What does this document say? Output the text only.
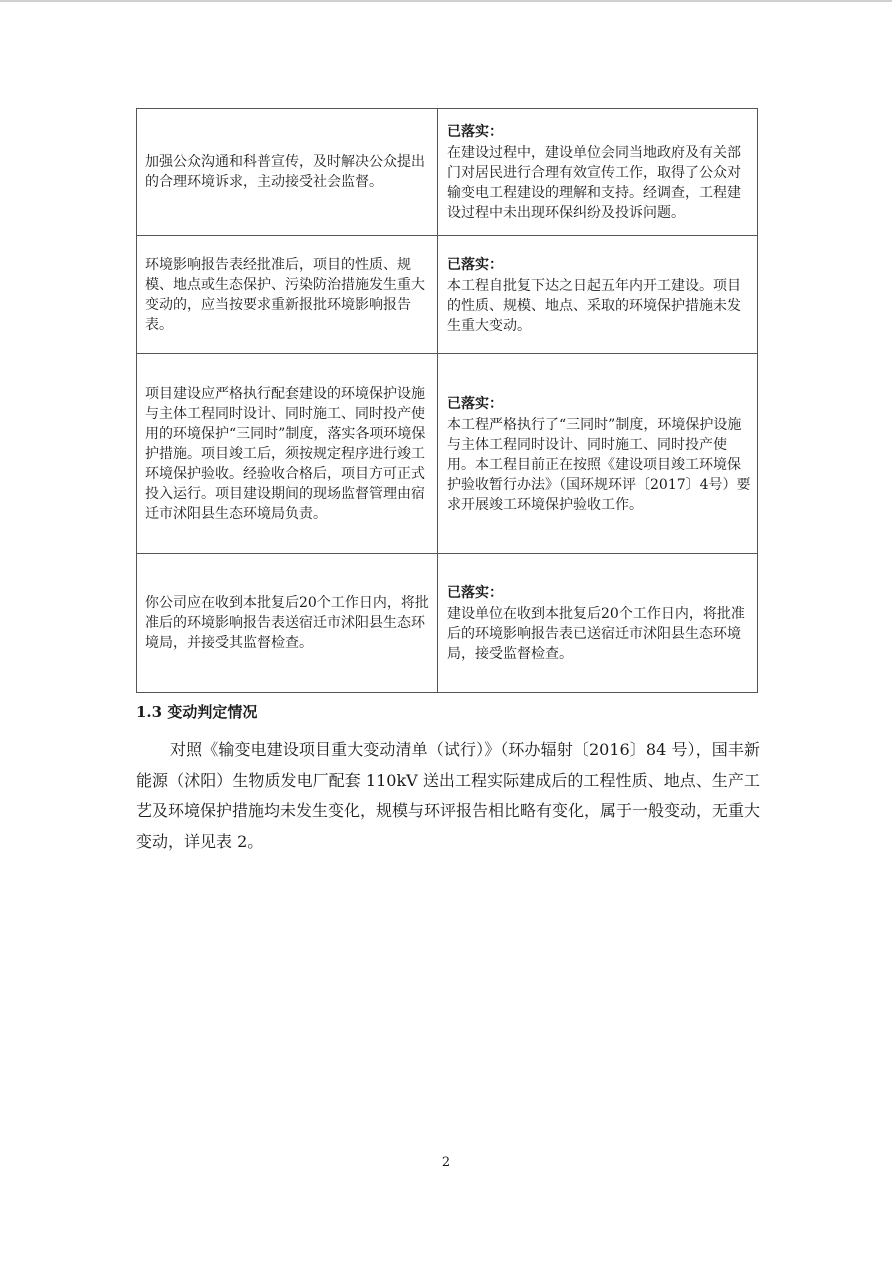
加强公众沟通和科普宣传，及时解决公众提出的合理环境诉求，主动接受社会监督。	已落实：
在建设过程中，建设单位会同当地政府及有关部门对居民进行合理有效宣传工作，取得了公众对输变电工程建设的理解和支持。经调查，工程建设过程中未出现环保纠纷及投诉问题。

环境影响报告表经批准后，项目的性质、规模、地点或生态保护、污染防治措施发生重大变动的，应当按要求重新报批环境影响报告表。	已落实：
本工程自批复下达之日起五年内开工建设。项目的性质、规模、地点、采取的环境保护措施未发生重大变动。

项目建设应严格执行配套建设的环境保护设施与主体工程同时设计、同时施工、同时投产使用的环境保护“三同时”制度，落实各项环境保护措施。项目竣工后，须按规定程序进行竣工环境保护验收。经验收合格后，项目方可正式投入运行。项目建设期间的现场监督管理由宿迁市沭阳县生态环境局负责。	已落实：
本工程严格执行了“三同时”制度，环境保护设施与主体工程同时设计、同时施工、同时投产使用。本工程目前正在按照《建设项目竣工环境保护验收暂行办法》（国环规环评〔2017〕4号）要求开展竣工环境保护验收工作。

你公司应在收到本批复后20个工作日内，将批准后的环境影响报告表送宿迁市沭阳县生态环境局，并接受其监督检查。	已落实：
建设单位在收到本批复后20个工作日内，将批准后的环境影响报告表已送宿迁市沭阳县生态环境局，接受监督检查。
1.3 变动判定情况

对照《输变电建设项目重大变动清单（试行）》（环办辐射〔2016〕84 号），国丰新能源（沭阳）生物质发电厂配套 110kV 送出工程实际建成后的工程性质、地点、生产工艺及环境保护措施均未发生变化，规模与环评报告相比略有变化，属于一般变动，无重大变动，详见表 2。

2
